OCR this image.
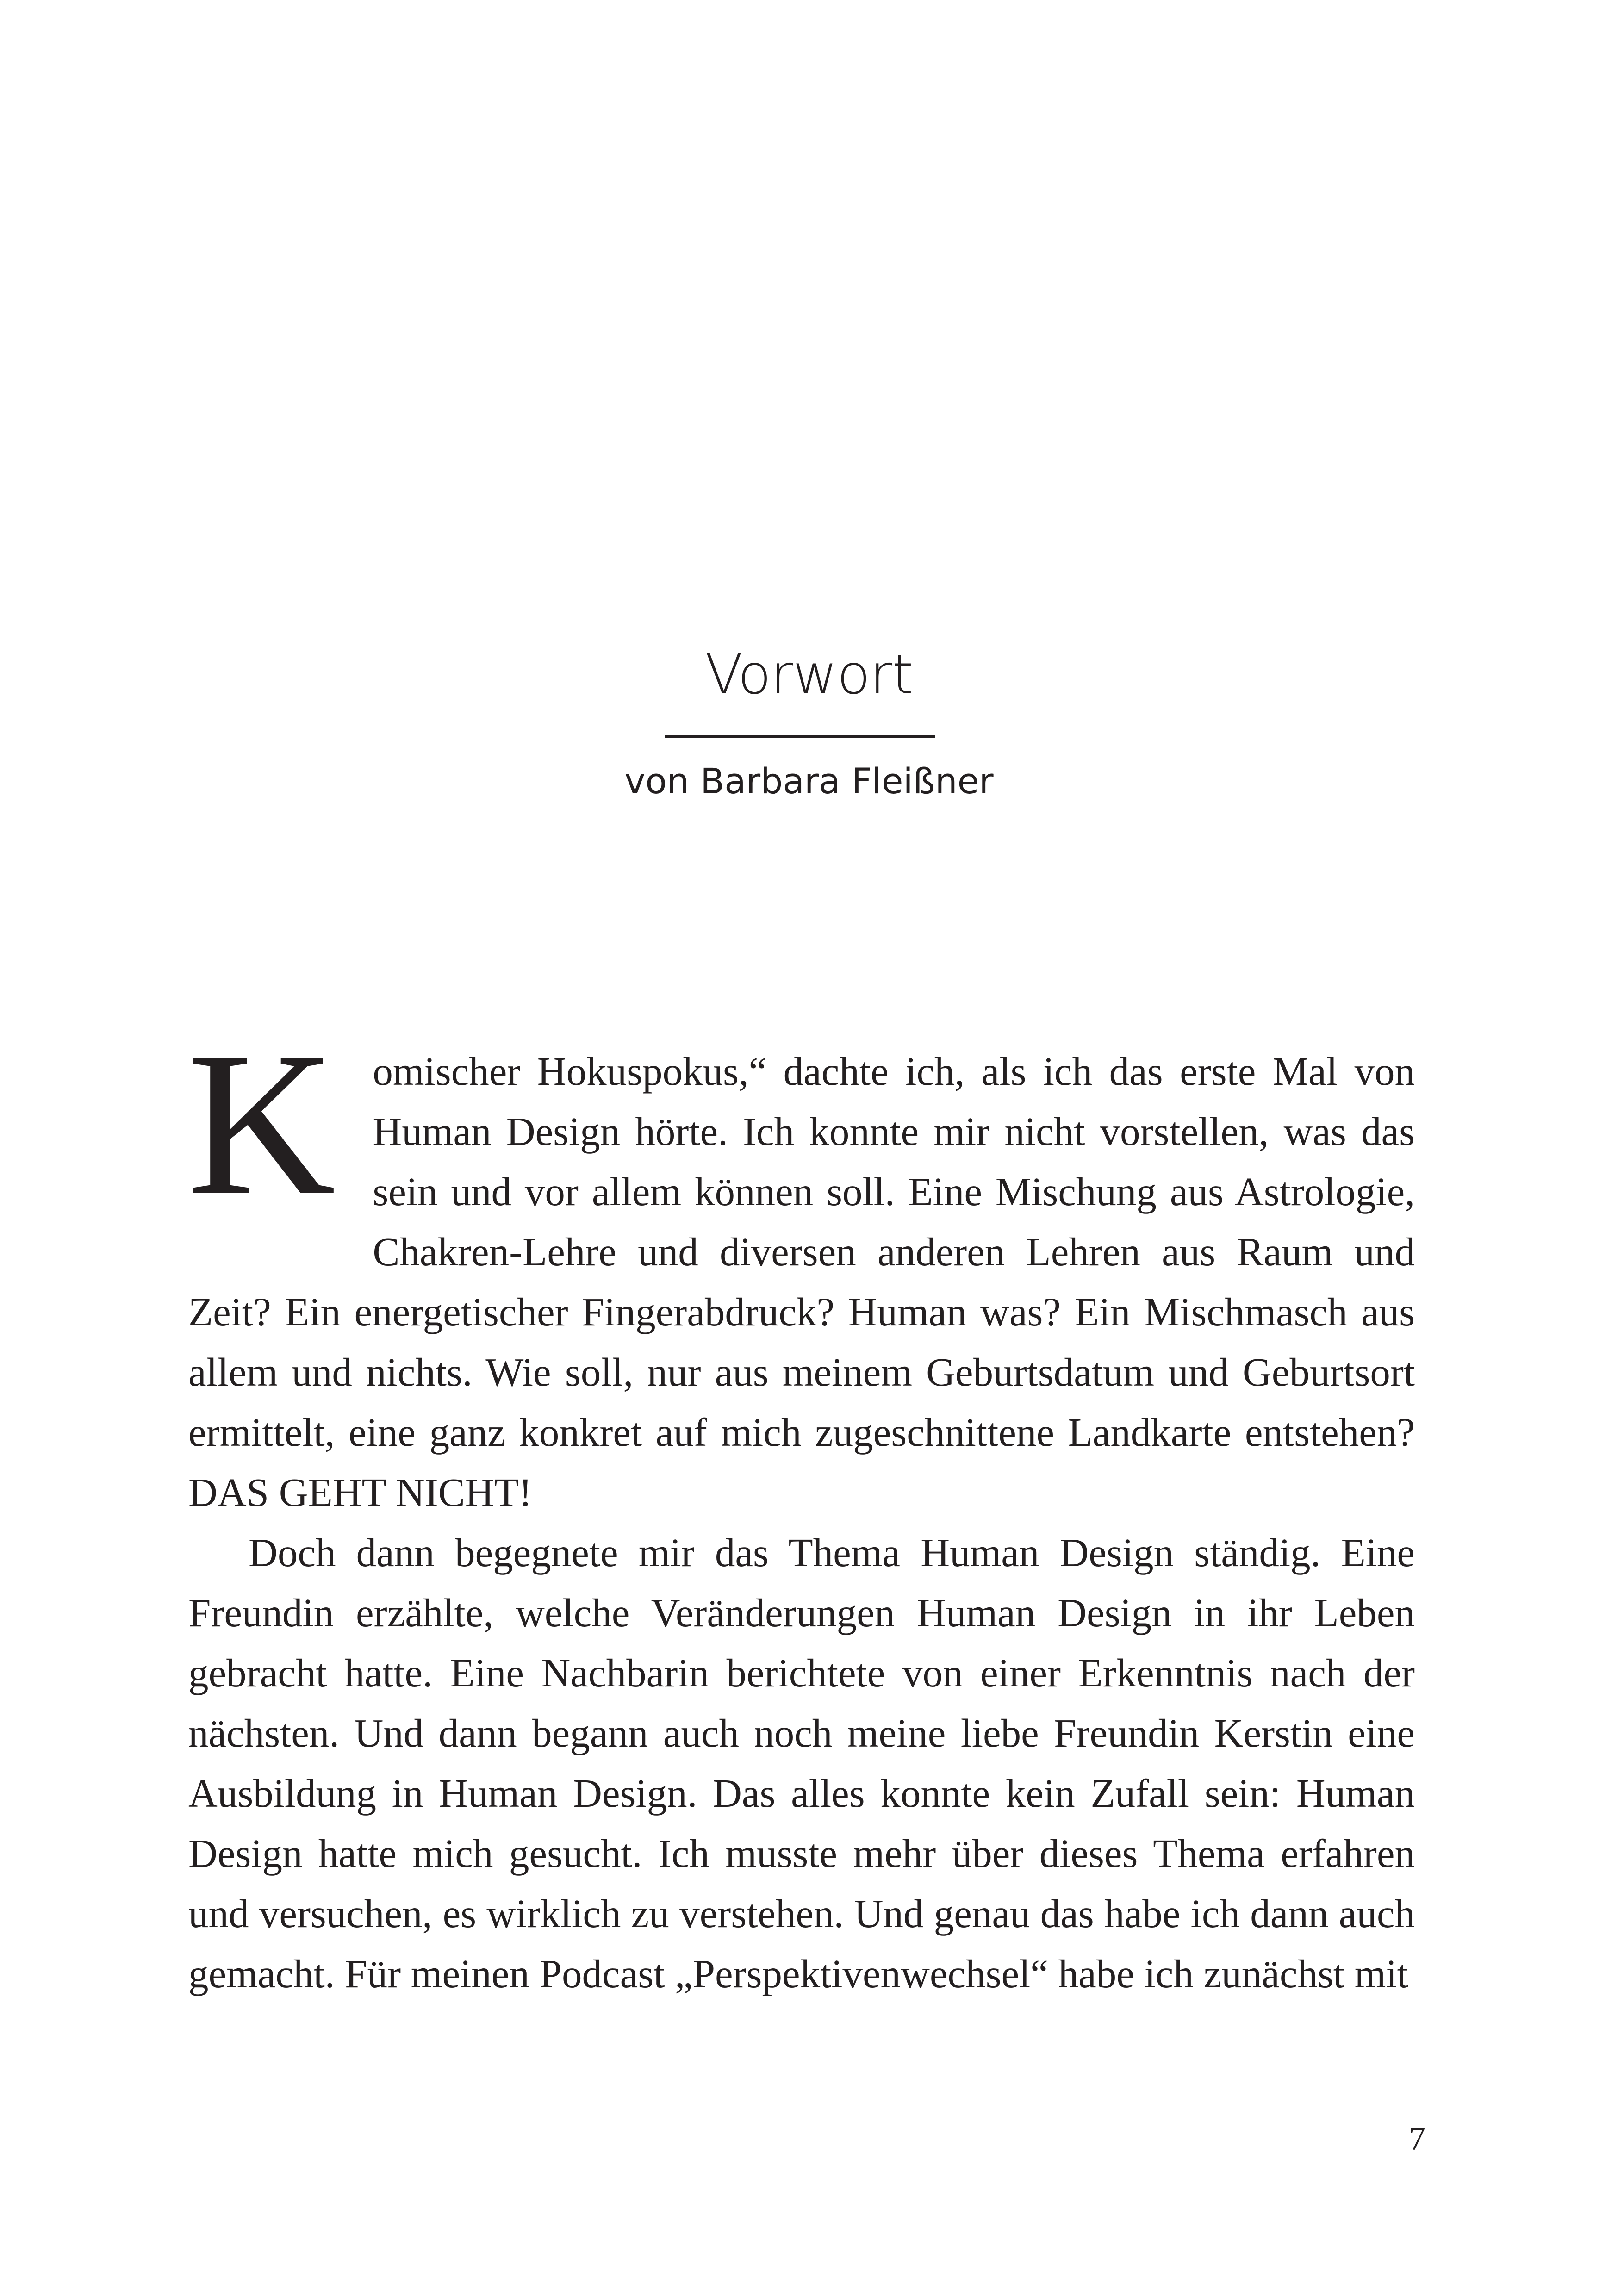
Vorwort
von Barbara Fleißner

Komischer Hokuspokus,“ dachte ich, als ich das erste Mal von Human Design hörte. Ich konnte mir nicht vorstellen, was das sein und vor allem können soll. Eine Mischung aus Astrologie, Chakren-Lehre und diversen anderen Lehren aus Raum und Zeit? Ein energetischer Fingerabdruck? Human was? Ein Mischmasch aus allem und nichts. Wie soll, nur aus meinem Geburtsdatum und Geburtsort ermittelt, eine ganz konkret auf mich zugeschnittene Landkarte entstehen? DAS GEHT NICHT!

Doch dann begegnete mir das Thema Human Design ständig. Eine Freundin erzählte, welche Veränderungen Human Design in ihr Leben gebracht hatte. Eine Nachbarin berichtete von einer Erkenntnis nach der nächsten. Und dann begann auch noch meine liebe Freundin Kerstin eine Ausbildung in Human Design. Das alles konnte kein Zufall sein: Human Design hatte mich gesucht. Ich musste mehr über dieses Thema erfahren und versuchen, es wirklich zu verstehen. Und genau das habe ich dann auch gemacht. Für meinen Podcast „Perspektivenwechsel“ habe ich zunächst mit

7
